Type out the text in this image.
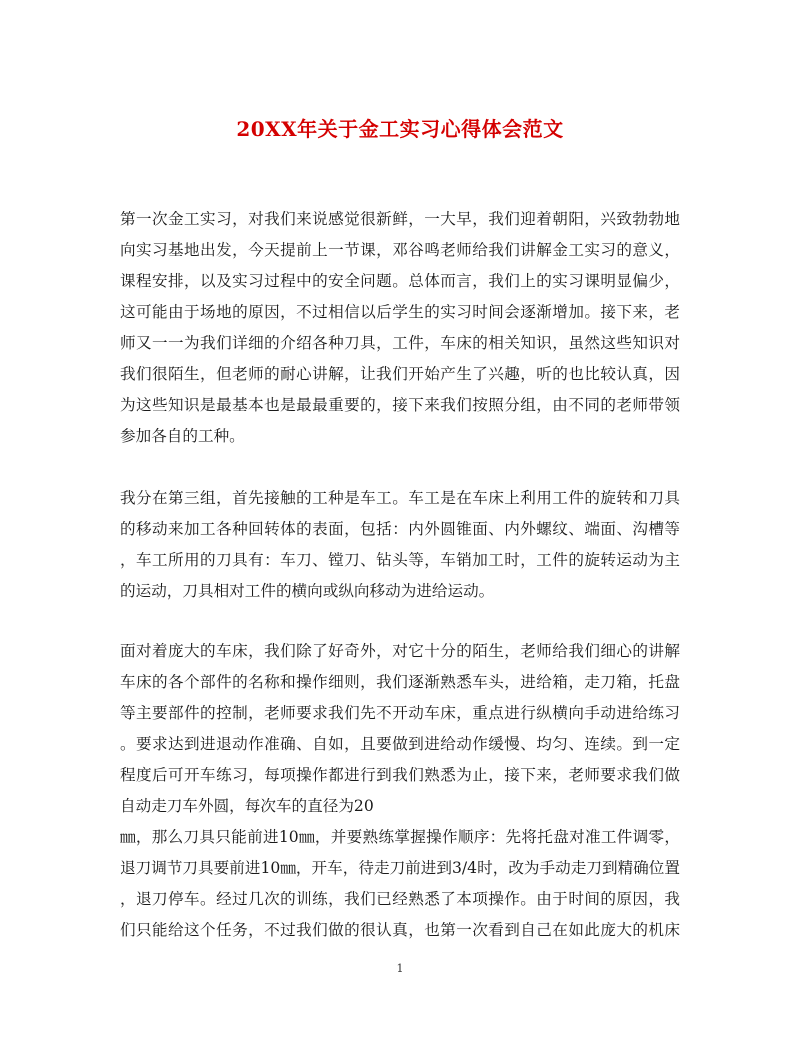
20XX年关于金工实习心得体会范文
第一次金工实习，对我们来说感觉很新鲜，一大早，我们迎着朝阳，兴致勃勃地
向实习基地出发，今天提前上一节课，邓谷鸣老师给我们讲解金工实习的意义，
课程安排，以及实习过程中的安全问题。总体而言，我们上的实习课明显偏少，
这可能由于场地的原因，不过相信以后学生的实习时间会逐渐增加。接下来，老
师又一一为我们详细的介绍各种刀具，工件，车床的相关知识，虽然这些知识对
我们很陌生，但老师的耐心讲解，让我们开始产生了兴趣，听的也比较认真，因
为这些知识是最基本也是最最重要的，接下来我们按照分组，由不同的老师带领
参加各自的工种。
我分在第三组，首先接触的工种是车工。车工是在车床上利用工件的旋转和刀具
的移动来加工各种回转体的表面，包括：内外圆锥面、内外螺纹、端面、沟槽等
，车工所用的刀具有：车刀、镗刀、钻头等，车销加工时，工件的旋转运动为主
的运动，刀具相对工件的横向或纵向移动为进给运动。
面对着庞大的车床，我们除了好奇外，对它十分的陌生，老师给我们细心的讲解
车床的各个部件的名称和操作细则，我们逐渐熟悉车头，进给箱，走刀箱，托盘
等主要部件的控制，老师要求我们先不开动车床，重点进行纵横向手动进给练习
。要求达到进退动作准确、自如，且要做到进给动作缓慢、均匀、连续。到一定
程度后可开车练习，每项操作都进行到我们熟悉为止，接下来，老师要求我们做
自动走刀车外圆，每次车的直径为20
㎜，那么刀具只能前进10㎜，并要熟练掌握操作顺序：先将托盘对准工件调零，
退刀调节刀具要前进10㎜，开车，待走刀前进到3/4时，改为手动走刀到精确位置
，退刀停车。经过几次的训练，我们已经熟悉了本项操作。由于时间的原因，我
们只能给这个任务，不过我们做的很认真，也第一次看到自己在如此庞大的机床
1
